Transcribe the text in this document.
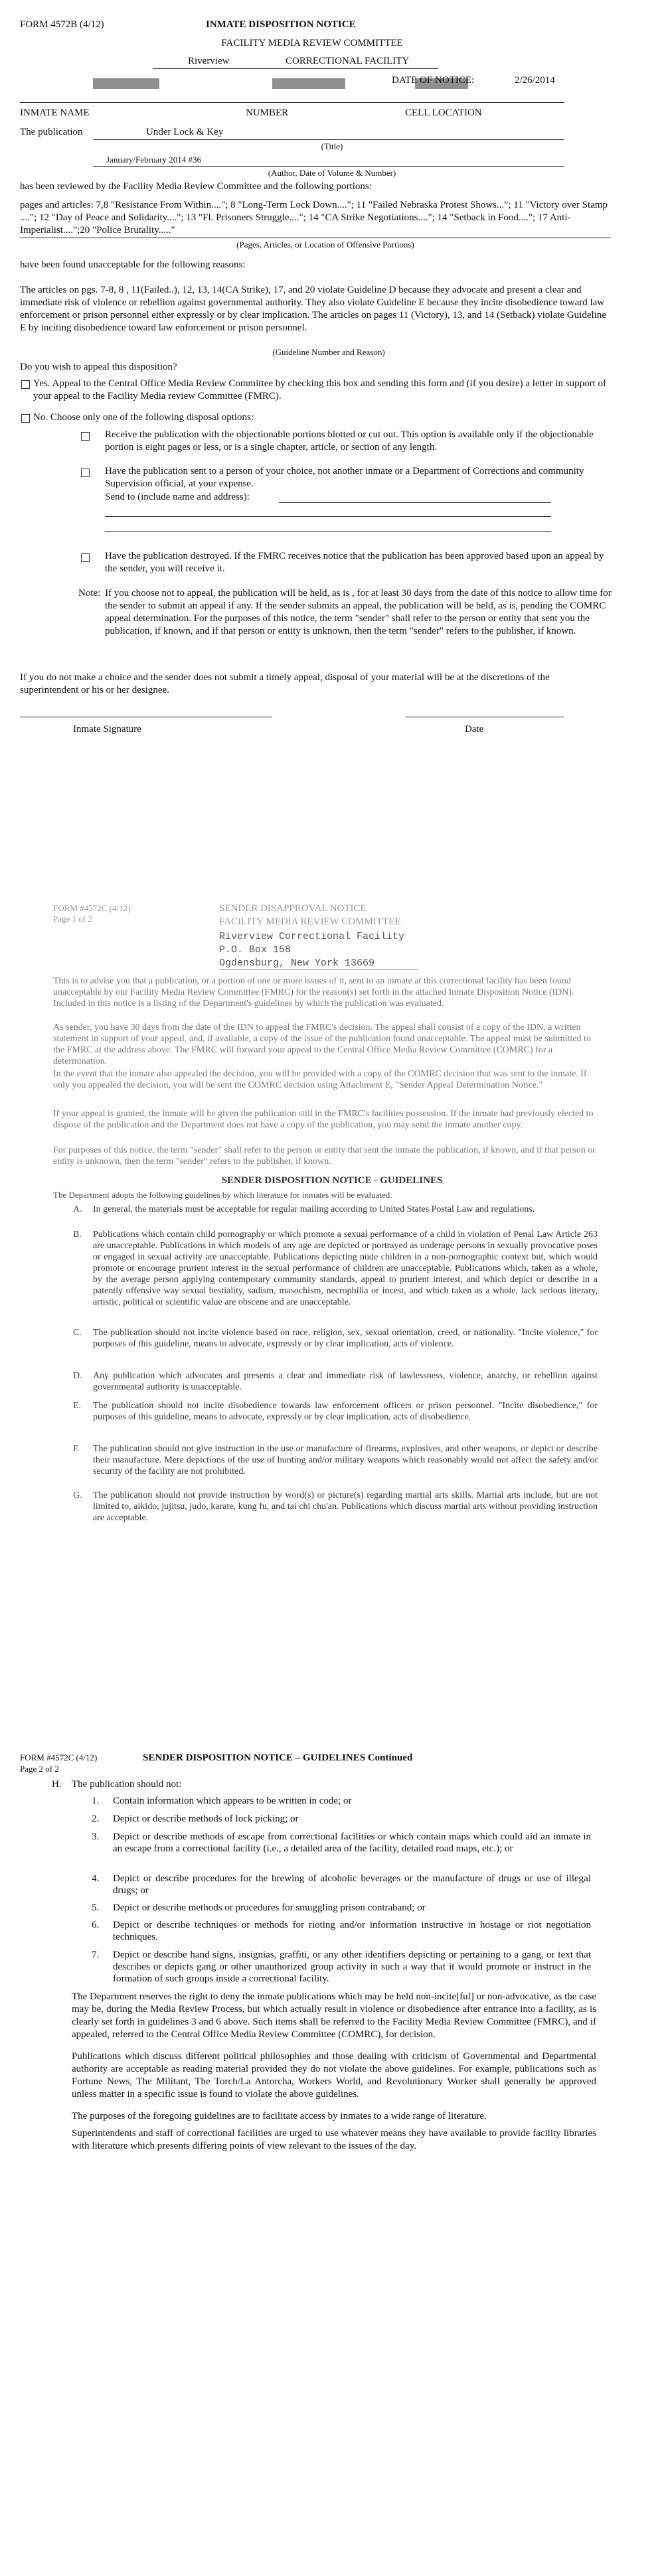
FORM 4572B (4/12)	INMATE DISPOSITION NOTICE
FACILITY MEDIA REVIEW COMMITTEE
Riverview	CORRECTIONAL FACILITY
DATE OF NOTICE:	2/26/2014
INMATE NAME	NUMBER	CELL LOCATION
The publication	Under Lock & Key
(Title)
January/February 2014 #36
(Author, Date of Volume & Number)
has been reviewed by the Facility Media Review Committee and the following portions:
pages and articles: 7,8 "Resistance From Within...."; 8 "Long-Term Lock Down...."; 11 "Failed Nebraska Protest Shows..."; 11 "Victory over Stamp ...."; 12 "Day of Peace and Solidarity...."; 13 "Fl. Prisoners Struggle...."; 14 "CA Strike Negotiations...."; 14 "Setback in Food...."; 17 Anti- Imperialist....";20 "Police Brutality....."
(Pages, Articles, or Location of Offensive Portions)
have been found unacceptable for the following reasons:
The articles on pgs. 7-8, 8 , 11(Failed..), 12, 13, 14(CA Strike), 17, and 20 violate Guideline D because they advocate and present a clear and immediate risk of violence or rebellion against governmental authority. They also violate Guideline E because they incite disobedience toward law enforcement or prison personnel either expressly or by clear implication. The articles on pages 11 (Victory), 13, and 14 (Setback) violate Guideline E by inciting disobedience toward law enforcement or prison personnel.
(Guideline Number and Reason)
Do you wish to appeal this disposition?
Yes. Appeal to the Central Office Media Review Committee by checking this box and sending this form and (if you desire) a letter in support of your appeal to the Facility Media review Committee (FMRC).
No. Choose only one of the following disposal options:
Receive the publication with the objectionable portions blotted or cut out. This option is available only if the objectionable portion is eight pages or less, or is a single chapter, article, or section of any length.
Have the publication sent to a person of your choice, not another inmate or a Department of Corrections and community Supervision official, at your expense.
Send to (include name and address):
Have the publication destroyed. If the FMRC receives notice that the publication has been approved based upon an appeal by the sender, you will receive it.
Note: If you choose not to appeal, the publication will be held, as is , for at least 30 days from the date of this notice to allow time for the sender to submit an appeal if any. If the sender submits an appeal, the publication will be held, as is, pending the COMRC appeal determination. For the purposes of this notice, the term "sender" shall refer to the person or entity that sent you the publication, if known, and if that person or entity is unknown, then the term "sender" refers to the publisher, if known.
If you do not make a choice and the sender does not submit a timely appeal, disposal of your material will be at the discretions of the superintendent or his or her designee.
Inmate Signature	Date
FORM #4572C (4/12)
Page 1 of 2
SENDER DISAPPROVAL NOTICE
FACILITY MEDIA REVIEW COMMITTEE
Riverview Correctional Facility
P.O. Box 158
Ogdensburg, New York 13669
This is to advise you that a publication, or a portion of one or more issues of it, sent to an inmate at this correctional facility has been found unacceptable by our Facility Media Review Committee (FMRC) for the reason(s) set forth in the attached Inmate Disposition Notice (IDN). Included in this notice is a listing of the Department's guidelines by which the publication was evaluated.
As sender, you have 30 days from the date of the IDN to appeal the FMRC's decision. The appeal shall consist of a copy of the IDN, a written statement in support of your appeal, and, if available, a copy of the issue of the publication found unacceptable. The appeal must be submitted to the FMRC at the address above. The FMRC will forward your appeal to the Central Office Media Review Committee (COMRC) for a determination.
In the event that the inmate also appealed the decision, you will be provided with a copy of the COMRC decision that was sent to the inmate. If only you appealed the decision, you will be sent the COMRC decision using Attachment E, "Sender Appeal Determination Notice."
If your appeal is granted, the inmate will be given the publication still in the FMRC's facilities possession. If the inmate had previously elected to dispose of the publication and the Department does not have a copy of the publication, you may send the inmate another copy.
For purposes of this notice, the term "sender" shall refer to the person or entity that sent the inmate the publication, if known, and if that person or entity is unknown, then the term "sender" refers to the publisher, if known.
SENDER DISPOSITION NOTICE - GUIDELINES
The Department adopts the following guidelines by which literature for inmates will be evaluated.
A.	In general, the materials must be acceptable for regular mailing according to United States Postal Law and regulations.
B.	Publications which contain child pornography or which promote a sexual performance of a child in violation of Penal Law Article 263 are unacceptable. Publications in which models of any age are depicted or portrayed as underage persons in sexually provocative poses or engaged in sexual activity are unacceptable. Publications depicting nude children in a non-pornographic context but, which would promote or encourage prurient interest in the sexual performance of children are unacceptable. Publications which, taken as a whole, by the average person applying contemporary community standards, appeal to prurient interest, and which depict or describe in a patently offensive way sexual bestiality, sadism, masochism, necrophilia or incest, and which taken as a whole, lack serious literary, artistic, political or scientific value are obscene and are unacceptable.
C.	The publication should not incite violence based on race, religion, sex, sexual orientation, creed, or nationality. "Incite violence," for purposes of this guideline, means to advocate, expressly or by clear implication, acts of violence.
D.	Any publication which advocates and presents a clear and immediate risk of lawlessness, violence, anarchy, or rebellion against governmental authority is unacceptable.
E.	The publication should not incite disobedience towards law enforcement officers or prison personnel. "Incite disobedience," for purposes of this guideline, means to advocate, expressly or by clear implication, acts of disobedience.
F.	The publication should not give instruction in the use or manufacture of firearms, explosives, and other weapons, or depict or describe their manufacture. Mere depictions of the use of hunting and/or military weapons which reasonably would not affect the safety and/or security of the facility are not prohibited.
G.	The publication should not provide instruction by word(s) or picture(s) regarding martial arts skills. Martial arts include, but are not limited to, aikido, jujitsu, judo, karate, kung fu, and tai chi chu'an. Publications which discuss martial arts without providing instruction are acceptable.
FORM #4572C (4/12)
Page 2 of 2
SENDER DISPOSITION NOTICE – GUIDELINES Continued
H. The publication should not:
1.	Contain information which appears to be written in code; or
2.	Depict or describe methods of lock picking; or
3.	Depict or describe methods of escape from correctional facilities or which contain maps which could aid an inmate in an escape from a correctional facility (i.e., a detailed area of the facility, detailed road maps, etc.); or
4.	Depict or describe procedures for the brewing of alcoholic beverages or the manufacture of drugs or use of illegal drugs; or
5.	Depict or describe methods or procedures for smuggling prison contraband; or
6.	Depict or describe techniques or methods for rioting and/or information instructive in hostage or riot negotiation techniques.
7.	Depict or describe hand signs, insignias, graffiti, or any other identifiers depicting or pertaining to a gang, or text that describes or depicts gang or other unauthorized group activity in such a way that it would promote or instruct in the formation of such groups inside a correctional facility.
The Department reserves the right to deny the inmate publications which may be held non-incite[ful] or non-advocative, as the case may be, during the Media Review Process, but which actually result in violence or disobedience after entrance into a facility, as is clearly set forth in guidelines 3 and 6 above. Such items shall be referred to the Facility Media Review Committee (FMRC), and if appealed, referred to the Central Office Media Review Committee (COMRC), for decision.
Publications which discuss different political philosophies and those dealing with criticism of Governmental and Departmental authority are acceptable as reading material provided they do not violate the above guidelines. For example, publications such as Fortune News, The Militant, The Torch/La Antorcha, Workers World, and Revolutionary Worker shall generally be approved unless matter in a specific issue is found to violate the above guidelines.
The purposes of the foregoing guidelines are to facilitate access by inmates to a wide range of literature.
Superintendents and staff of correctional facilities are urged to use whatever means they have available to provide facility libraries with literature which presents differing points of view relevant to the issues of the day.
